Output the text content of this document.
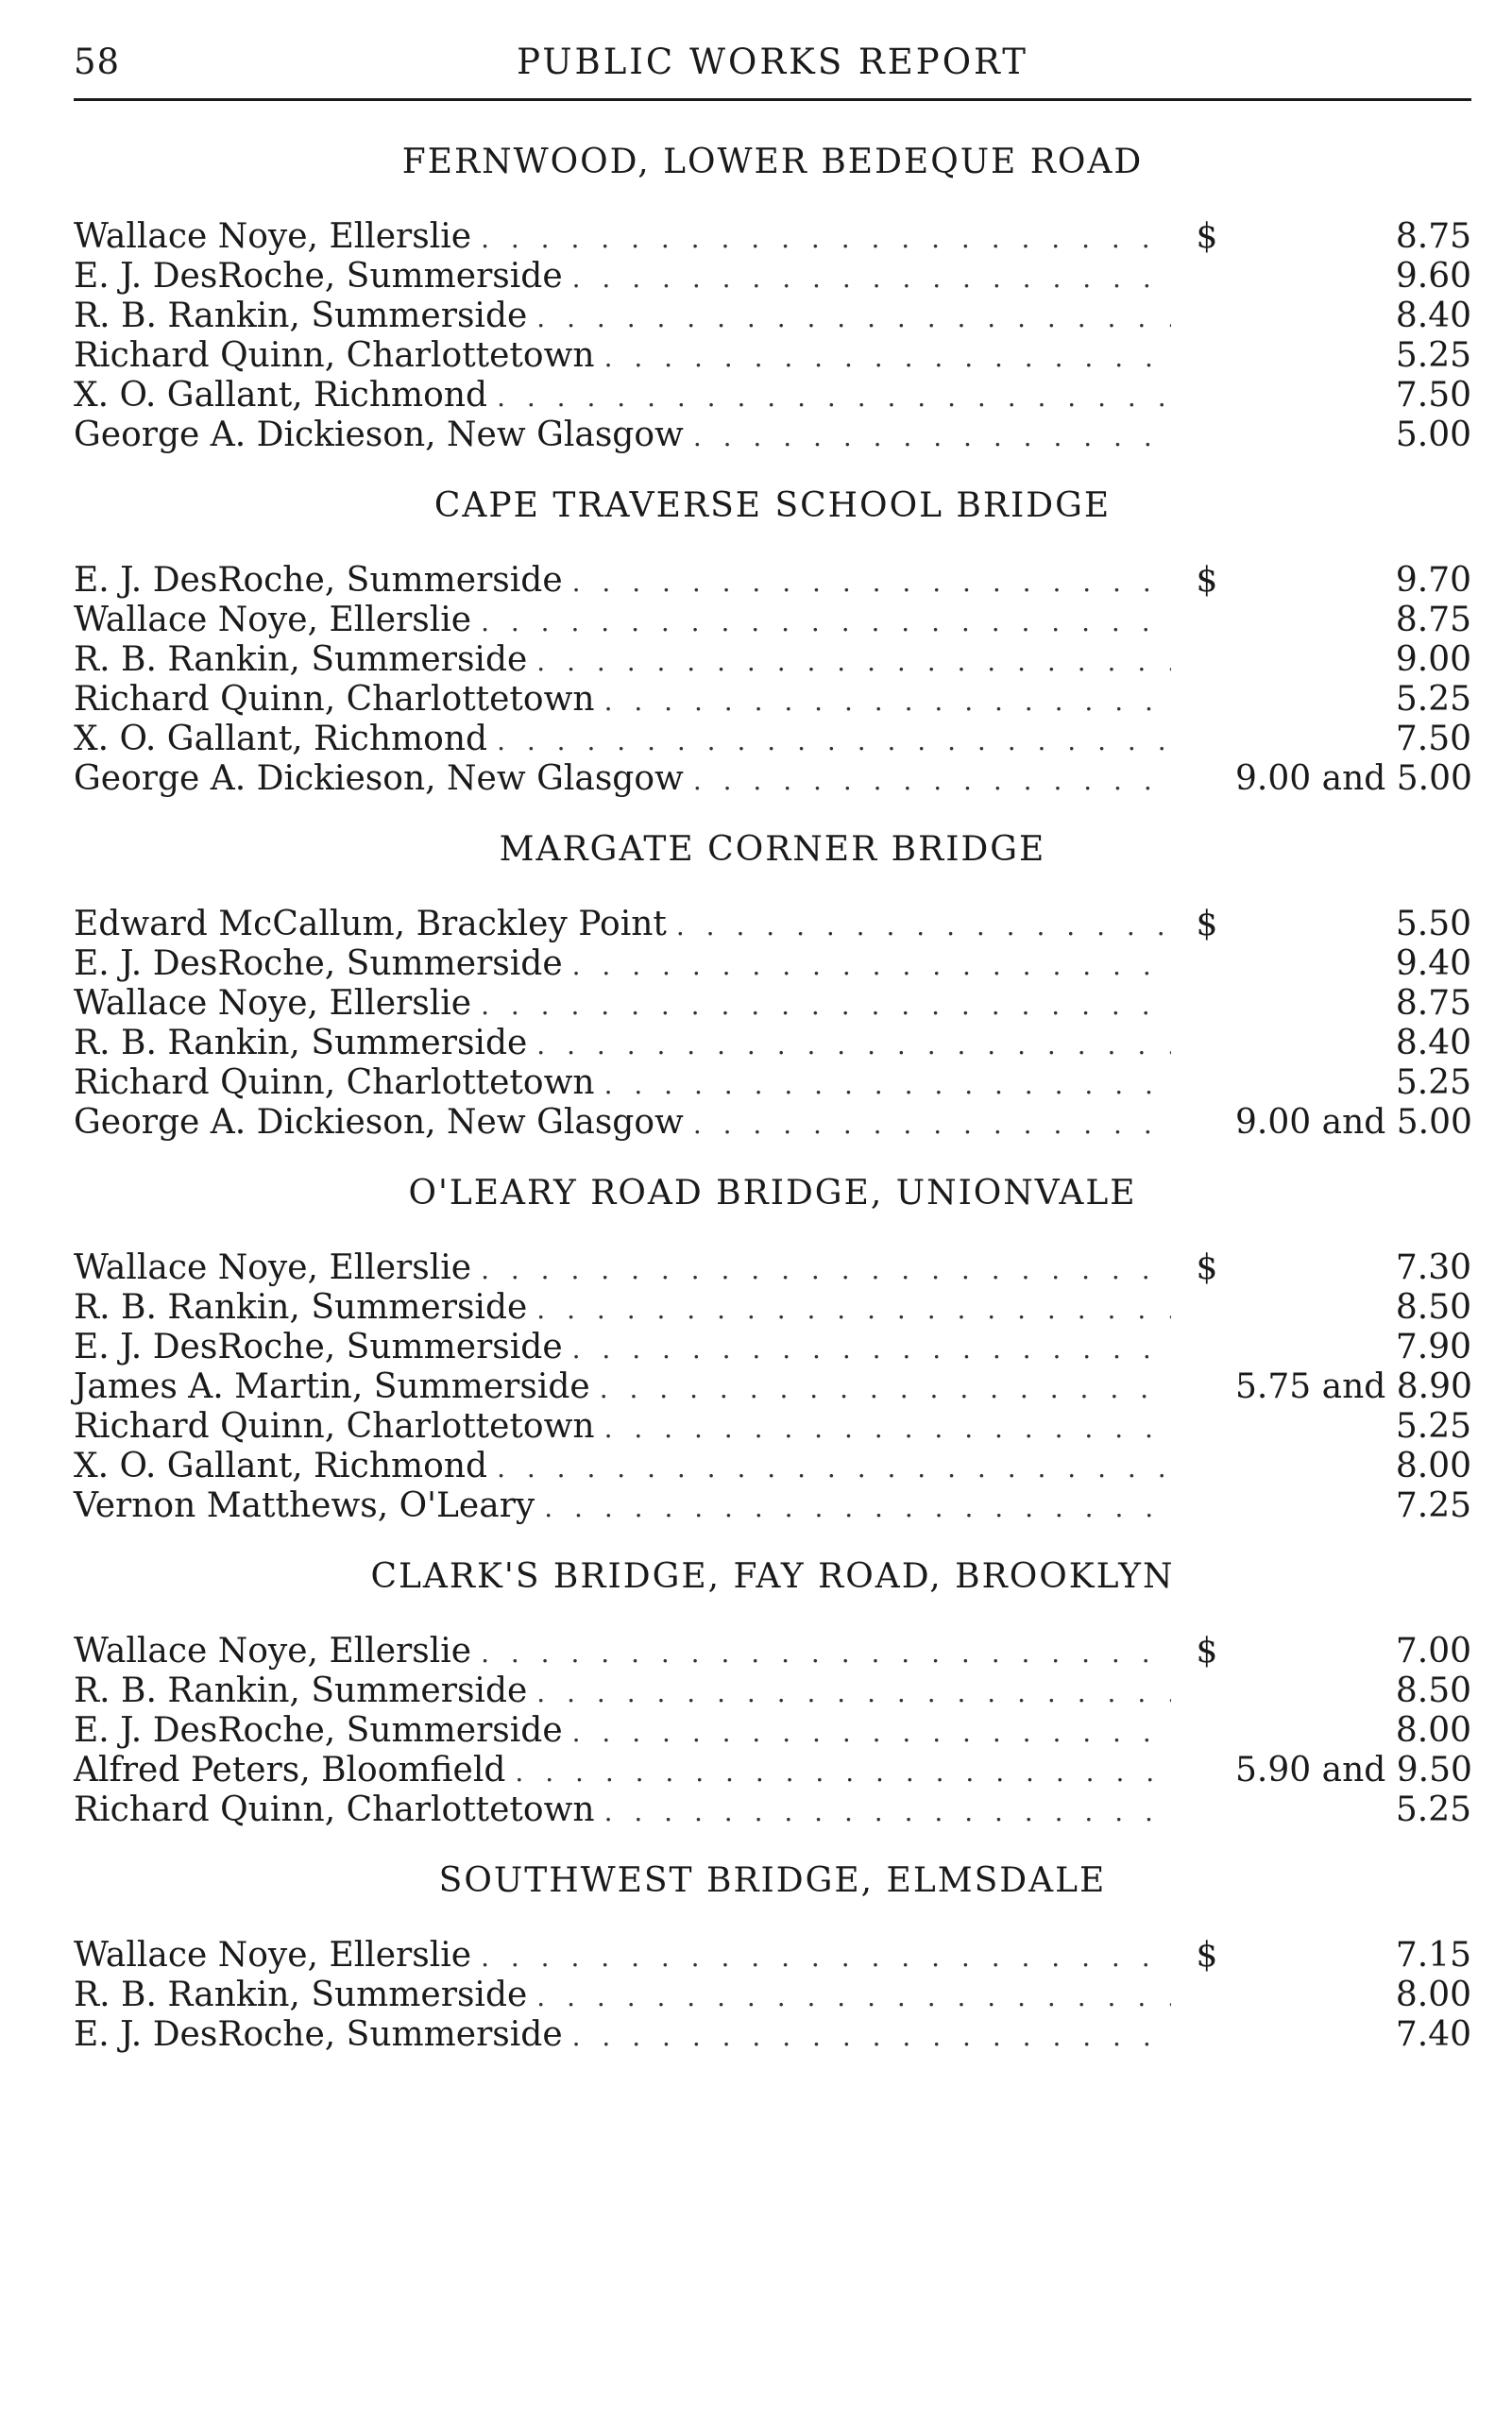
58	PUBLIC WORKS REPORT
FERNWOOD, LOWER BEDEQUE ROAD
Wallace Noye, Ellerslie . . .	$	8.75
E. J. DesRoche, Summerside . . .	9.60
R. B. Rankin, Summerside . . .	8.40
Richard Quinn, Charlottetown . . .	5.25
X. O. Gallant, Richmond . . .	7.50
George A. Dickieson, New Glasgow . . .	5.00
CAPE TRAVERSE SCHOOL BRIDGE
E. J. DesRoche, Summerside . . .	$	9.70
Wallace Noye, Ellerslie . . .	8.75
R. B. Rankin, Summerside . . .	9.00
Richard Quinn, Charlottetown . . .	5.25
X. O. Gallant, Richmond . . .	7.50
George A. Dickieson, New Glasgow . . .	9.00 and 5.00
MARGATE CORNER BRIDGE
Edward McCallum, Brackley Point . . .	$	5.50
E. J. DesRoche, Summerside . . .	9.40
Wallace Noye, Ellerslie . . .	8.75
R. B. Rankin, Summerside . . .	8.40
Richard Quinn, Charlottetown . . .	5.25
George A. Dickieson, New Glasgow . . .	9.00 and 5.00
O'LEARY ROAD BRIDGE, UNIONVALE
Wallace Noye, Ellerslie . . .	$	7.30
R. B. Rankin, Summerside . . .	8.50
E. J. DesRoche, Summerside . . .	7.90
James A. Martin, Summerside . . .	5.75 and 8.90
Richard Quinn, Charlottetown . . .	5.25
X. O. Gallant, Richmond . . .	8.00
Vernon Matthews, O'Leary . . .	7.25
CLARK'S BRIDGE, FAY ROAD, BROOKLYN
Wallace Noye, Ellerslie . . .	$	7.00
R. B. Rankin, Summerside . . .	8.50
E. J. DesRoche, Summerside . . .	8.00
Alfred Peters, Bloomfield . . .	5.90 and 9.50
Richard Quinn, Charlottetown . . .	5.25
SOUTHWEST BRIDGE, ELMSDALE
Wallace Noye, Ellerslie . . .	$	7.15
R. B. Rankin, Summerside . . .	8.00
E. J. DesRoche, Summerside . . .	7.40
